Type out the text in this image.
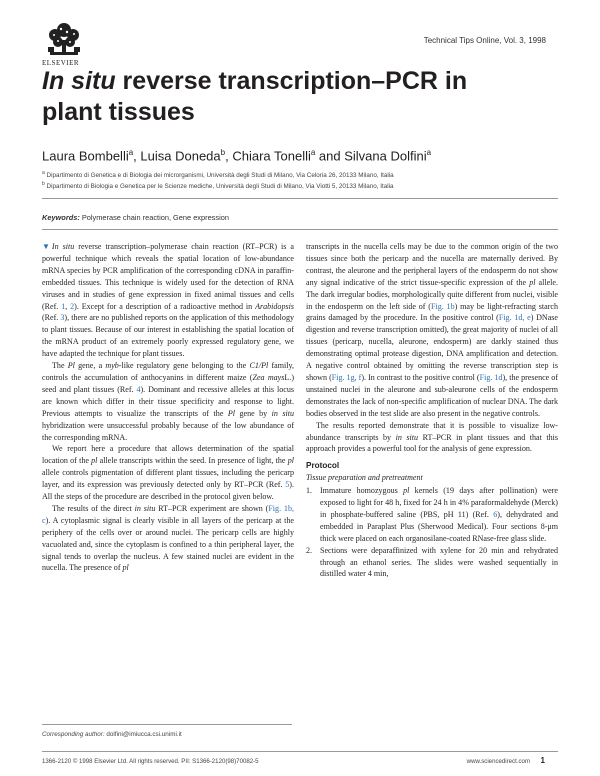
ELSEVIER
Technical Tips Online, Vol. 3, 1998
In situ reverse transcription–PCR in
plant tissues
Laura Bombelli$^a$, Luisa Doneda$^b$, Chiara Tonelli$^a$ and Silvana Dolfini$^a$
$^a$ Dipartimento di Genetica e di Biologia dei microrganismi, Università degli Studi di Milano, Via Celoria 26, 20133 Milano, Italia
$^b$ Dipartimento di Biologia e Genetica per le Scienze mediche, Università degli Studi di Milano, Via Viotti 5, 20133 Milano, Italia
Keywords: Polymerase chain reaction, Gene expression

▼In situ reverse transcription–polymerase chain reaction (RT–PCR) is a powerful technique which reveals the spatial location of low-abundance mRNA species by PCR amplification of the corresponding cDNA in paraffin-embedded tissues. This technique is widely used for the detection of RNA viruses and in studies of gene expression in fixed animal tissues and cells (Ref. 1, 2). Except for a description of a radioactive method in Arabidopsis (Ref. 3), there are no published reports on the application of this methodology to plant tissues. Because of our interest in establishing the spatial location of the mRNA product of an extremely poorly expressed regulatory gene, we have adapted the technique for plant tissues.

The Pl gene, a myb-like regulatory gene belonging to the C1/Pl family, controls the accumulation of anthocyanins in different maize (Zea maysL.) seed and plant tissues (Ref. 4). Dominant and recessive alleles at this locus are known which differ in their tissue specificity and response to light. Previous attempts to visualize the transcripts of the Pl gene by in situ hybridization were unsuccessful probably because of the low abundance of the corresponding mRNA.

We report here a procedure that allows determination of the spatial location of the pl allele transcripts within the seed. In presence of light, the pl allele controls pigmentation of different plant tissues, including the pericarp layer, and its expression was previously detected only by RT–PCR (Ref. 5). All the steps of the procedure are described in the protocol given below.

The results of the direct in situ RT–PCR experiment are shown (Fig. 1b, c). A cytoplasmic signal is clearly visible in all layers of the pericarp at the periphery of the cells over or around nuclei. The pericarp cells are highly vacuolated and, since the cytoplasm is confined to a thin peripheral layer, the signal tends to overlap the nucleus. A few stained nuclei are evident in the nucella. The presence of pl

transcripts in the nucella cells may be due to the common origin of the two tissues since both the pericarp and the nucella are maternally derived. By contrast, the aleurone and the peripheral layers of the endosperm do not show any signal indicative of the strict tissue-specific expression of the pl allele. The dark irregular bodies, morphologically quite different from nuclei, visible in the endosperm on the left side of (Fig. 1b) may be light-refracting starch grains damaged by the procedure. In the positive control (Fig. 1d, e) DNase digestion and reverse transcription omitted), the great majority of nuclei of all tissues (pericarp, nucella, aleurone, endosperm) are darkly stained thus demonstrating optimal protease digestion, DNA amplification and detection. A negative control obtained by omitting the reverse transcription step is shown (Fig. 1g, f). In contrast to the positive control (Fig. 1d), the presence of unstained nuclei in the aleurone and sub-aleurone cells of the endosperm demonstrates the lack of non-specific amplification of nuclear DNA. The dark bodies observed in the test slide are also present in the negative controls.

The results reported demonstrate that it is possible to visualize low-abundance transcripts by in situ RT–PCR in plant tissues and that this approach provides a powerful tool for the analysis of gene expression.

Protocol
Tissue preparation and pretreatment
1. Immature homozygous pl kernels (19 days after pollination) were exposed to light for 48 h, fixed for 24 h in 4% paraformaldehyde (Merck) in phosphate-buffered saline (PBS, pH 11) (Ref. 6), dehydrated and embedded in Paraplast Plus (Sherwood Medical). Four sections 8-μm thick were placed on each organosilane-coated RNase-free glass slide.
2. Sections were deparaffinized with xylene for 20 min and rehydrated through an ethanol series. The slides were washed sequentially in distilled water 4 min,
Corresponding author: dolfini@imiucca.csi.unimi.it
1366-2120 © 1998 Elsevier Ltd. All rights reserved. PII: S1366-2120(98)70082-5	www.sciencedirect.com 1
